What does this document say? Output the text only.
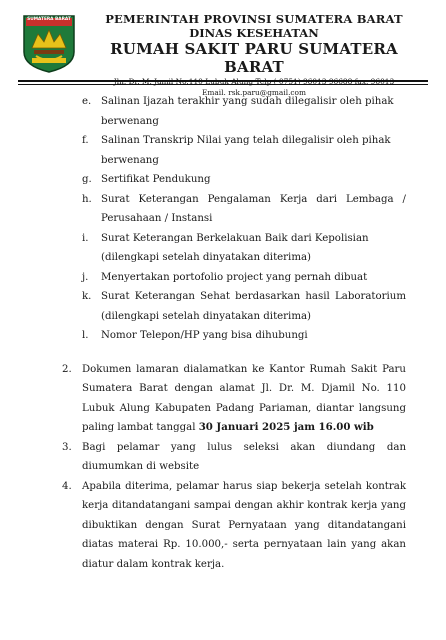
SUMATERA BARAT	PEMERINTAH PROVINSI SUMATERA BARAT
DINAS KESEHATAN
RUMAH SAKIT PARU SUMATERA BARAT
Jln. Dr. M. Jamil No.110 Lubuk Alung Telp ( 0751) 96013 96688 fax. 96013
Email. rsk.paru@gmail.com
e. Salinan Ijazah terakhir yang sudah dilegalisir oleh pihak berwenang
f. Salinan Transkrip Nilai yang telah dilegalisir oleh pihak berwenang
g. Sertifikat Pendukung
h. Surat Keterangan Pengalaman Kerja dari Lembaga / Perusahaan / Instansi
i. Surat Keterangan Berkelakuan Baik dari Kepolisian (dilengkapi setelah dinyatakan diterima)
j. Menyertakan portofolio project yang pernah dibuat
k. Surat Keterangan Sehat berdasarkan hasil Laboratorium (dilengkapi setelah dinyatakan diterima)
l. Nomor Telepon/HP yang bisa dihubungi
2. Dokumen lamaran dialamatkan ke Kantor Rumah Sakit Paru Sumatera Barat dengan alamat Jl. Dr. M. Djamil No. 110 Lubuk Alung Kabupaten Padang Pariaman, diantar langsung paling lambat tanggal 30 Januari 2025 jam 16.00 wib
3. Bagi pelamar yang lulus seleksi akan diundang dan diumumkan di website
4. Apabila diterima, pelamar harus siap bekerja setelah kontrak kerja ditandatangani sampai dengan akhir kontrak kerja yang dibuktikan dengan Surat Pernyataan yang ditandatangani diatas materai Rp. 10.000,- serta pernyataan lain yang akan diatur dalam kontrak kerja.
